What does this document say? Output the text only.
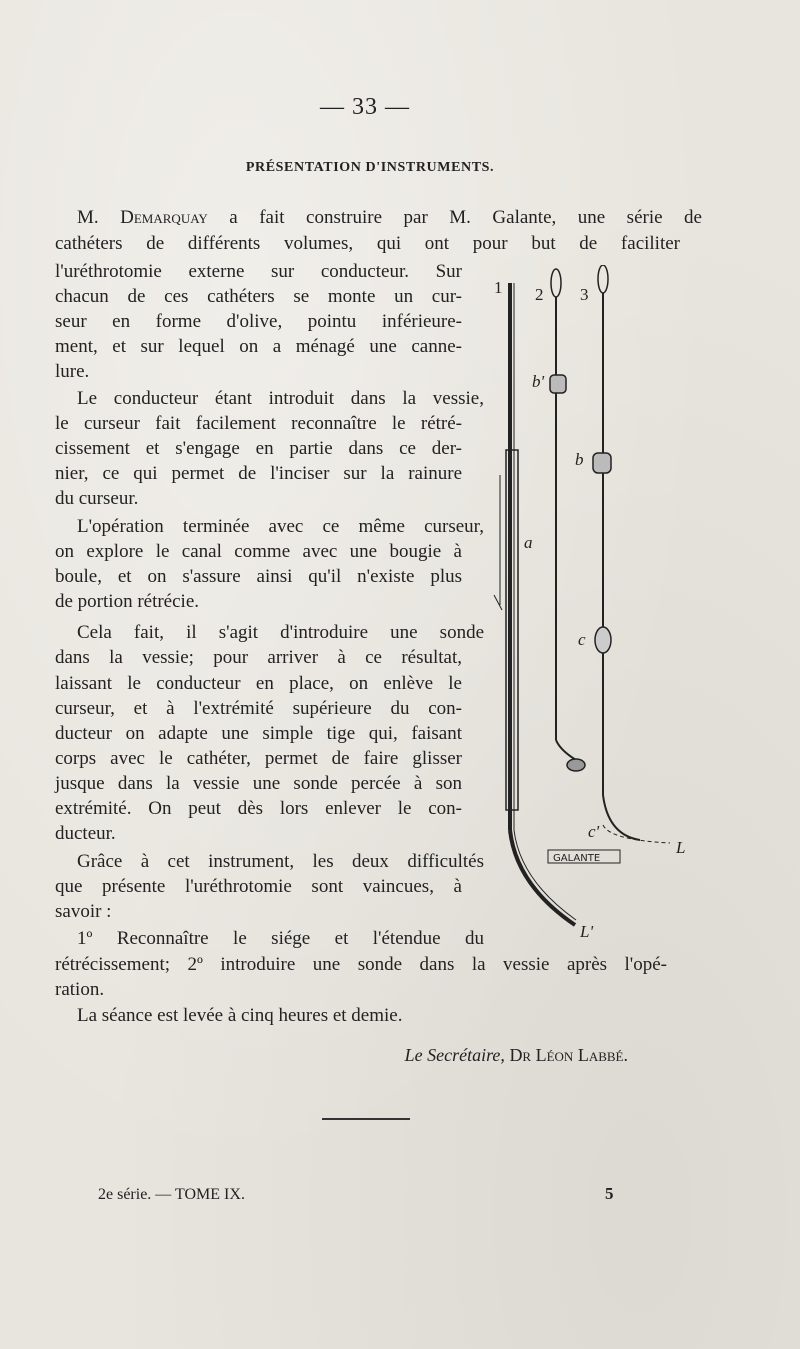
— 33 —
PRÉSENTATION D'INSTRUMENTS.
M. Demarquay a fait construire par M. Galante, une série de
cathéters de différents volumes, qui ont pour but de faciliter
l'uréthrotomie externe sur conducteur. Sur
chacun de ces cathéters se monte un cur-
seur en forme d'olive, pointu inférieure-
ment, et sur lequel on a ménagé une canne-
lure.
Le conducteur étant introduit dans la vessie,
le curseur fait facilement reconnaître le rétré-
cissement et s'engage en partie dans ce der-
nier, ce qui permet de l'inciser sur la rainure
du curseur.
L'opération terminée avec ce même curseur,
on explore le canal comme avec une bougie à
boule, et on s'assure ainsi qu'il n'existe plus
de portion rétrécie.
Cela fait, il s'agit d'introduire une sonde
dans la vessie; pour arriver à ce résultat,
laissant le conducteur en place, on enlève le
curseur, et à l'extrémité supérieure du con-
ducteur on adapte une simple tige qui, faisant
corps avec le cathéter, permet de faire glisser
jusque dans la vessie une sonde percée à son
extrémité. On peut dès lors enlever le con-
ducteur.
Grâce à cet instrument, les deux difficultés
que présente l'uréthrotomie sont vaincues, à
savoir :
1º Reconnaître le siége et l'étendue du
rétrécissement; 2º introduire une sonde dans la vessie après l'opé-
ration.
La séance est levée à cinq heures et demie.
Le Secrétaire, Dr Léon Labbé.
2e série. — TOME IX.	5
1 2 3
b'
b
a
c
c'
L
L'
GALANTE
